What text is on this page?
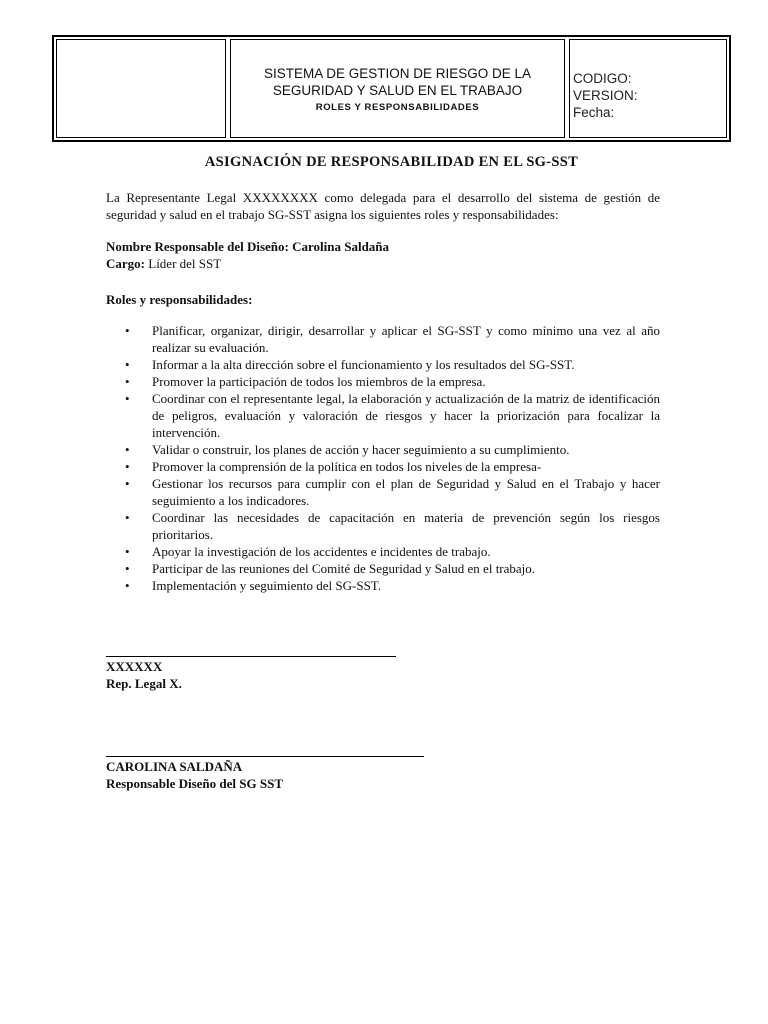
SISTEMA DE GESTION DE RIESGO DE LA SEGURIDAD Y SALUD EN EL TRABAJO
ROLES Y RESPONSABILIDADES
CODIGO:
VERSION:
Fecha:
ASIGNACIÓN DE RESPONSABILIDAD EN EL SG-SST

La Representante Legal XXXXXXXX como delegada para el desarrollo del sistema de gestión de seguridad y salud en el trabajo SG-SST asigna los siguientes roles y responsabilidades:

Nombre Responsable del Diseño: Carolina Saldaña
Cargo: Líder del SST
Roles y responsabilidades:
• Planificar, organizar, dirigir, desarrollar y aplicar el SG-SST y como mínimo una vez al año realizar su evaluación.
• Informar a la alta dirección sobre el funcionamiento y los resultados del SG-SST.
• Promover la participación de todos los miembros de la empresa.
• Coordinar con el representante legal, la elaboración y actualización de la matriz de identificación de peligros, evaluación y valoración de riesgos y hacer la priorización para focalizar la intervención.
• Validar o construir, los planes de acción y hacer seguimiento a su cumplimiento.
• Promover la comprensión de la política en todos los niveles de la empresa-
• Gestionar los recursos para cumplir con el plan de Seguridad y Salud en el Trabajo y hacer seguimiento a los indicadores.
• Coordinar las necesidades de capacitación en materia de prevención según los riesgos prioritarios.
• Apoyar la investigación de los accidentes e incidentes de trabajo.
• Participar de las reuniones del Comité de Seguridad y Salud en el trabajo.
• Implementación y seguimiento del SG-SST.
XXXXXX
Rep. Legal X.
CAROLINA SALDAÑA
Responsable Diseño del SG SST
